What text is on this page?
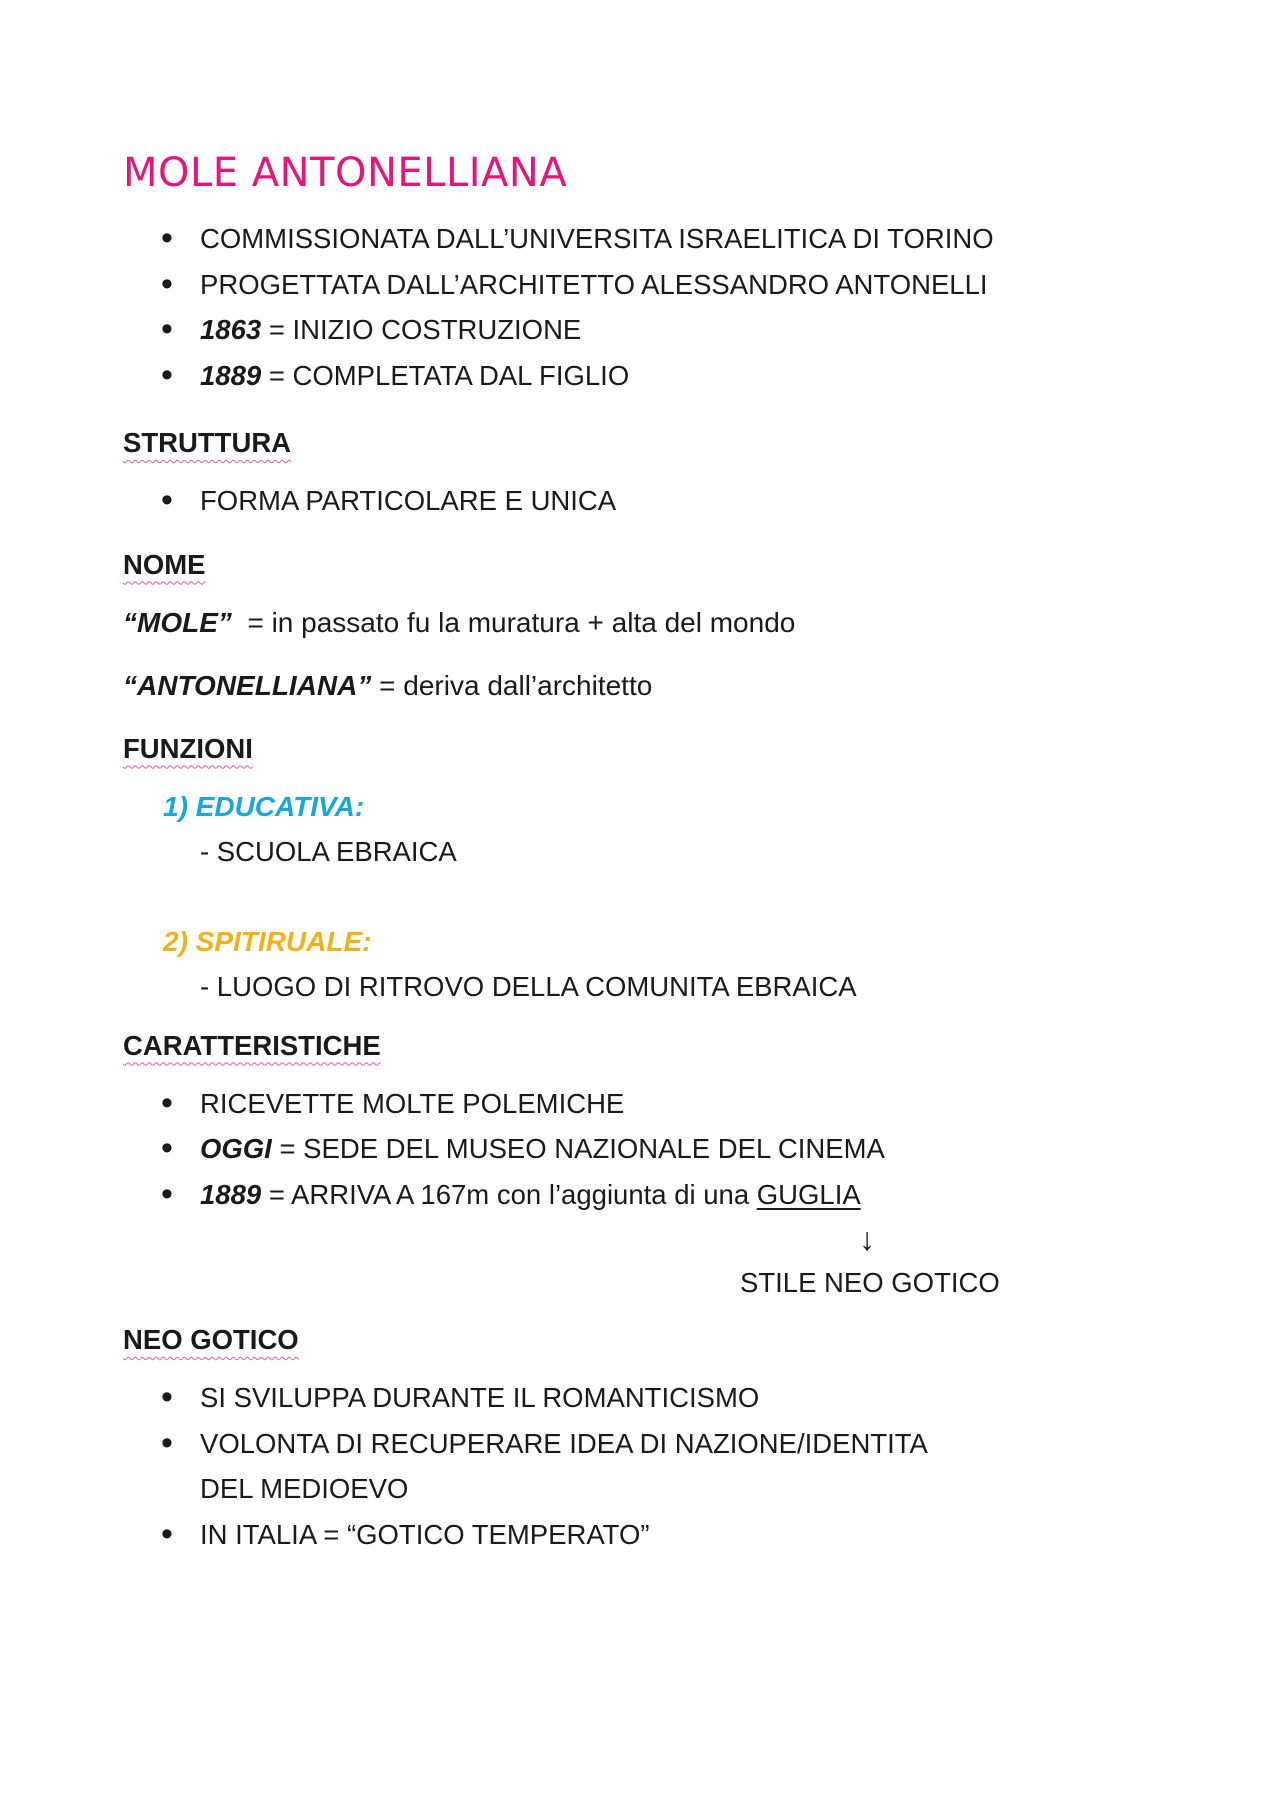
MOLE ANTONELLIANA
• COMMISSIONATA DALL’UNIVERSITA ISRAELITICA DI TORINO
• PROGETTATA DALL’ARCHITETTO ALESSANDRO ANTONELLI
• 1863 = INIZIO COSTRUZIONE
• 1889 = COMPLETATA DAL FIGLIO
STRUTTURA
• FORMA PARTICOLARE E UNICA
NOME
“MOLE”  = in passato fu la muratura + alta del mondo
“ANTONELLIANA” = deriva dall’architetto
FUNZIONI
1) EDUCATIVA:
- SCUOLA EBRAICA
2) SPITIRUALE:
- LUOGO DI RITROVO DELLA COMUNITA EBRAICA
CARATTERISTICHE
• RICEVETTE MOLTE POLEMICHE
• OGGI = SEDE DEL MUSEO NAZIONALE DEL CINEMA
• 1889 = ARRIVA A 167m con l’aggiunta di una GUGLIA
↓
STILE NEO GOTICO
NEO GOTICO
• SI SVILUPPA DURANTE IL ROMANTICISMO
• VOLONTA DI RECUPERARE IDEA DI NAZIONE/IDENTITA DEL MEDIOEVO
• IN ITALIA = “GOTICO TEMPERATO”
